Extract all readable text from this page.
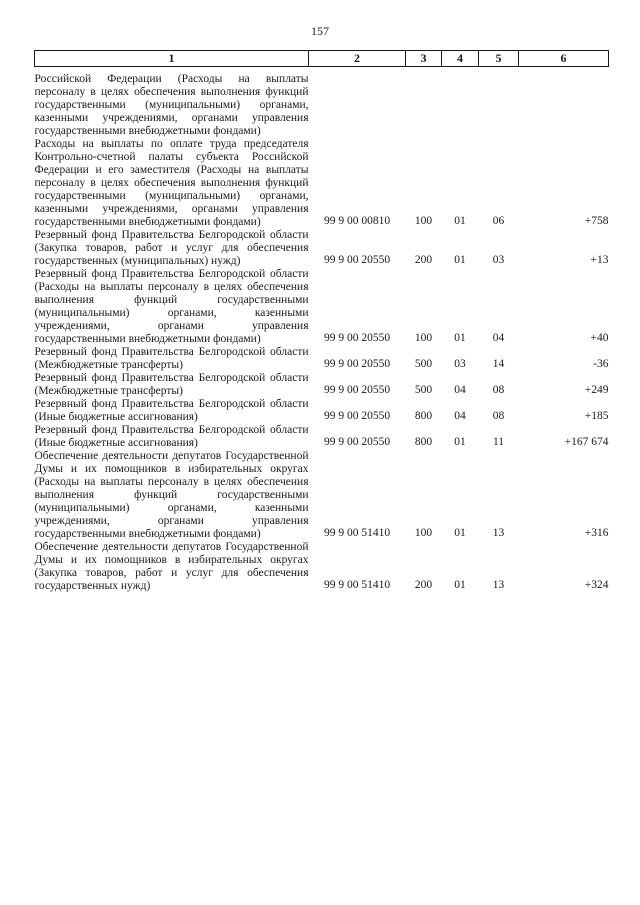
157
1	2	3	4	5	6

Российской Федерации (Расходы на выплаты персоналу в целях обеспечения выполнения функций государственными (муниципальными) органами, казенными учреждениями, органами управления государственными внебюджетными фондами)					
Расходы на выплаты по оплате труда председателя Контрольно-счетной палаты субъекта Российской Федерации и его заместителя (Расходы на выплаты персоналу в целях обеспечения выполнения функций государственными (муниципальными) органами, казенными учреждениями, органами управления государственными внебюджетными фондами)	99 9 00 00810	100	01	06	+758
Резервный фонд Правительства Белгородской области (Закупка товаров, работ и услуг для обеспечения государственных (муниципальных) нужд)	99 9 00 20550	200	01	03	+13
Резервный фонд Правительства Белгородской области (Расходы на выплаты персоналу в целях обеспечения выполнения функций государственными (муниципальными) органами, казенными учреждениями, органами управления государственными внебюджетными фондами)	99 9 00 20550	100	01	04	+40
Резервный фонд Правительства Белгородской области (Межбюджетные трансферты)	99 9 00 20550	500	03	14	-36
Резервный фонд Правительства Белгородской области (Межбюджетные трансферты)	99 9 00 20550	500	04	08	+249
Резервный фонд Правительства Белгородской области (Иные бюджетные ассигнования)	99 9 00 20550	800	04	08	+185
Резервный фонд Правительства Белгородской области (Иные бюджетные ассигнования)	99 9 00 20550	800	01	11	+167 674
Обеспечение деятельности депутатов Государственной Думы и их помощников в избирательных округах (Расходы на выплаты персоналу в целях обеспечения выполнения функций государственными (муниципальными) органами, казенными учреждениями, органами управления государственными внебюджетными фондами)	99 9 00 51410	100	01	13	+316
Обеспечение деятельности депутатов Государственной Думы и их помощников в избирательных округах (Закупка товаров, работ и услуг для обеспечения государственных нужд)	99 9 00 51410	200	01	13	+324
